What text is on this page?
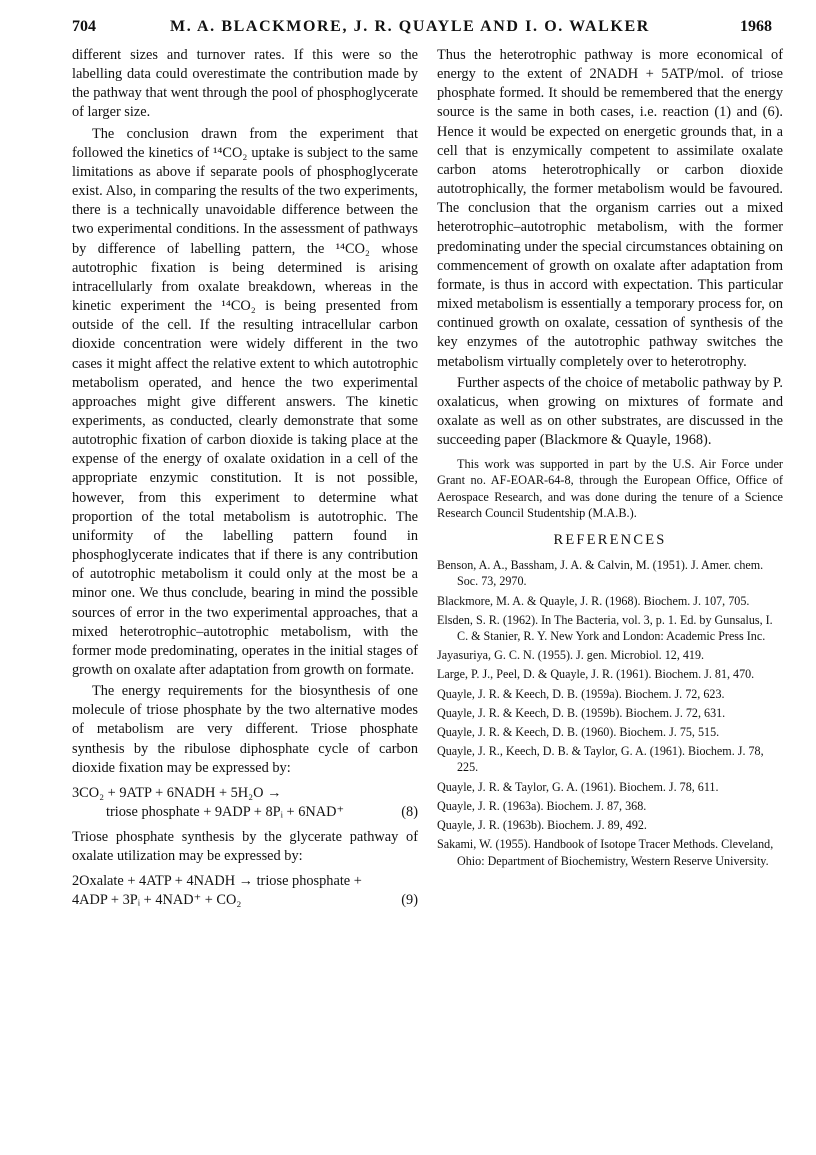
704	M. A. BLACKMORE, J. R. QUAYLE AND I. O. WALKER	1968

different sizes and turnover rates. If this were so the labelling data could overestimate the contribution made by the pathway that went through the pool of phosphoglycerate of larger size.

The conclusion drawn from the experiment that followed the kinetics of ¹⁴CO₂ uptake is subject to the same limitations as above if separate pools of phosphoglycerate exist. Also, in comparing the results of the two experiments, there is a technically unavoidable difference between the two experimental conditions. In the assessment of pathways by difference of labelling pattern, the ¹⁴CO₂ whose autotrophic fixation is being determined is arising intracellularly from oxalate breakdown, whereas in the kinetic experiment the ¹⁴CO₂ is being presented from outside of the cell. If the resulting intracellular carbon dioxide concentration were widely different in the two cases it might affect the relative extent to which autotrophic metabolism operated, and hence the two experimental approaches might give different answers. The kinetic experiments, as conducted, clearly demonstrate that some autotrophic fixation of carbon dioxide is taking place at the expense of the energy of oxalate oxidation in a cell of the appropriate enzymic constitution. It is not possible, however, from this experiment to determine what proportion of the total metabolism is autotrophic. The uniformity of the labelling pattern found in phosphoglycerate indicates that if there is any contribution of autotrophic metabolism it could only at the most be a minor one. We thus conclude, bearing in mind the possible sources of error in the two experimental approaches, that a mixed heterotrophic–autotrophic metabolism, with the former mode predominating, operates in the initial stages of growth on oxalate after adaptation from growth on formate.

The energy requirements for the biosynthesis of one molecule of triose phosphate by the two alternative modes of metabolism are very different. Triose phosphate synthesis by the ribulose diphosphate cycle of carbon dioxide fixation may be expressed by:

3CO₂ + 9ATP + 6NADH + 5H₂O →
triose phosphate + 9ADP + 8Pᵢ + 6NAD⁺	(8)

Triose phosphate synthesis by the glycerate pathway of oxalate utilization may be expressed by:

2Oxalate + 4ATP + 4NADH → triose phosphate +
4ADP + 3Pᵢ + 4NAD⁺ + CO₂	(9)

Thus the heterotrophic pathway is more economical of energy to the extent of 2NADH + 5ATP/mol. of triose phosphate formed. It should be remembered that the energy source is the same in both cases, i.e. reaction (1) and (6). Hence it would be expected on energetic grounds that, in a cell that is enzymically competent to assimilate oxalate carbon atoms heterotrophically or carbon dioxide autotrophically, the former metabolism would be favoured. The conclusion that the organism carries out a mixed heterotrophic–autotrophic metabolism, with the former predominating under the special circumstances obtaining on commencement of growth on oxalate after adaptation from formate, is thus in accord with expectation. This particular mixed metabolism is essentially a temporary process for, on continued growth on oxalate, cessation of synthesis of the key enzymes of the autotrophic pathway switches the metabolism virtually completely over to heterotrophy.

Further aspects of the choice of metabolic pathway by P. oxalaticus, when growing on mixtures of formate and oxalate as well as on other substrates, are discussed in the succeeding paper (Blackmore & Quayle, 1968).

This work was supported in part by the U.S. Air Force under Grant no. AF-EOAR-64-8, through the European Office, Office of Aerospace Research, and was done during the tenure of a Science Research Council Studentship (M.A.B.).
REFERENCES
Benson, A. A., Bassham, J. A. & Calvin, M. (1951). J. Amer. chem. Soc. 73, 2970.
Blackmore, M. A. & Quayle, J. R. (1968). Biochem. J. 107, 705.
Elsden, S. R. (1962). In The Bacteria, vol. 3, p. 1. Ed. by Gunsalus, I. C. & Stanier, R. Y. New York and London: Academic Press Inc.
Jayasuriya, G. C. N. (1955). J. gen. Microbiol. 12, 419.
Large, P. J., Peel, D. & Quayle, J. R. (1961). Biochem. J. 81, 470.
Quayle, J. R. & Keech, D. B. (1959a). Biochem. J. 72, 623.
Quayle, J. R. & Keech, D. B. (1959b). Biochem. J. 72, 631.
Quayle, J. R. & Keech, D. B. (1960). Biochem. J. 75, 515.
Quayle, J. R., Keech, D. B. & Taylor, G. A. (1961). Biochem. J. 78, 225.
Quayle, J. R. & Taylor, G. A. (1961). Biochem. J. 78, 611.
Quayle, J. R. (1963a). Biochem. J. 87, 368.
Quayle, J. R. (1963b). Biochem. J. 89, 492.
Sakami, W. (1955). Handbook of Isotope Tracer Methods. Cleveland, Ohio: Department of Biochemistry, Western Reserve University.
